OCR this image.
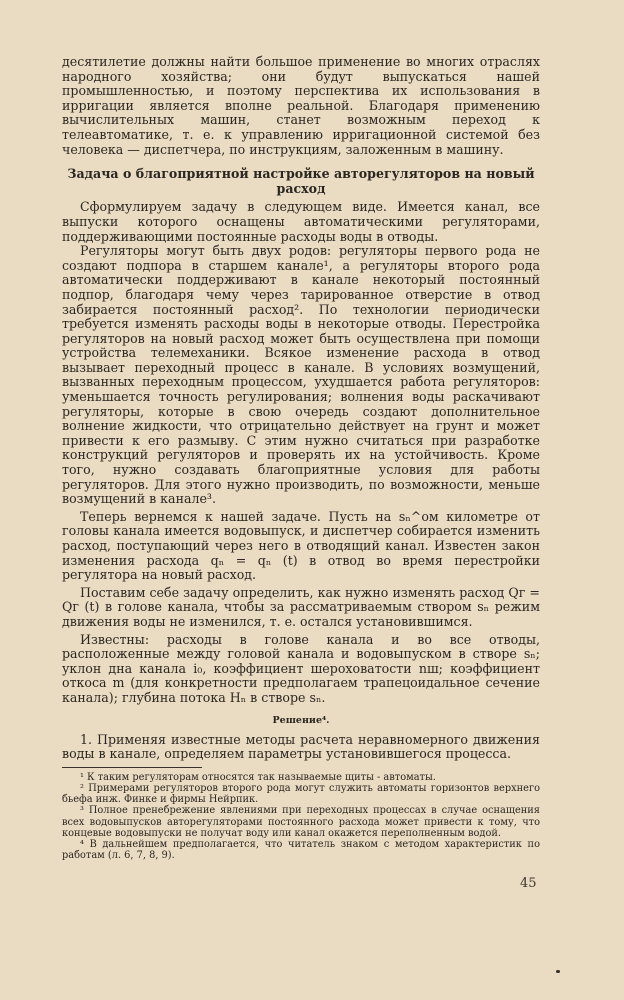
десятилетие должны найти большое применение во многих отраслях народного хозяйства; они будут выпускаться нашей промышленностью, и поэтому перспектива их использования в ирригации является вполне реальной. Благодаря применению вычислительных машин, станет возможным переход к телеавтоматике, т. е. к управлению ирригационной системой без человека — диспетчера, по инструкциям, заложенным в машину.

Задача о благоприятной настройке авторегуляторов на новый расход

Сформулируем задачу в следующем виде. Имеется канал, все выпуски которого оснащены автоматическими регуляторами, поддерживающими постоянные расходы воды в отводы.

Регуляторы могут быть двух родов: регуляторы первого рода не создают подпора в старшем канале¹, а регуляторы второго рода автоматически поддерживают в канале некоторый постоянный подпор, благодаря чему через тарированное отверстие в отвод забирается постоянный расход². По технологии периодически требуется изменять расходы воды в некоторые отводы. Перестройка регуляторов на новый расход может быть осуществлена при помощи устройства телемеханики. Всякое изменение расхода в отвод вызывает переходный процесс в канале. В условиях возмущений, вызванных переходным процессом, ухудшается работа регуляторов: уменьшается точность регулирования; волнения воды раскачивают регуляторы, которые в свою очередь создают дополнительное волнение жидкости, что отрицательно действует на грунт и может привести к его размыву. С этим нужно считаться при разработке конструкций регуляторов и проверять их на устойчивость. Кроме того, нужно создавать благоприятные условия для работы регуляторов. Для этого нужно производить, по возможности, меньше возмущений в канале³.

Теперь вернемся к нашей задаче. Пусть на sₙ^ом километре от головы канала имеется водовыпуск, и диспетчер собирается изменить расход, поступающий через него в отводящий канал. Известен закон изменения расхода qₙ = qₙ (t) в отвод во время перестройки регулятора на новый расход.

Поставим себе задачу определить, как нужно изменять расход Qг = Qг (t) в голове канала, чтобы за рассматриваемым створом sₙ режим движения воды не изменился, т. е. остался установившимся.

Известны: расходы в голове канала и во все отводы, расположенные между головой канала и водовыпуском в створе sₙ; уклон дна канала i₀, коэффициент шероховатости nш; коэффициент откоса m (для конкретности предполагаем трапецоидальное сечение канала); глубина потока Hₙ в створе sₙ.

Решение⁴.

1. Применяя известные методы расчета неравномерного движения воды в канале, определяем параметры установившегося процесса.

¹ К таким регуляторам относятся так называемые щиты - автоматы.

² Примерами регуляторов второго рода могут служить автоматы горизонтов верхнего бьефа инж. Финке и фирмы Нейрпик.

³ Полное пренебрежение явлениями при переходных процессах в случае оснащения всех водовыпусков авторегуляторами постоянного расхода может привести к тому, что концевые водовыпуски не получат воду или канал окажется переполненным водой.

⁴ В дальнейшем предполагается, что читатель знаком с методом характеристик по работам (л. 6, 7, 8, 9).

45
